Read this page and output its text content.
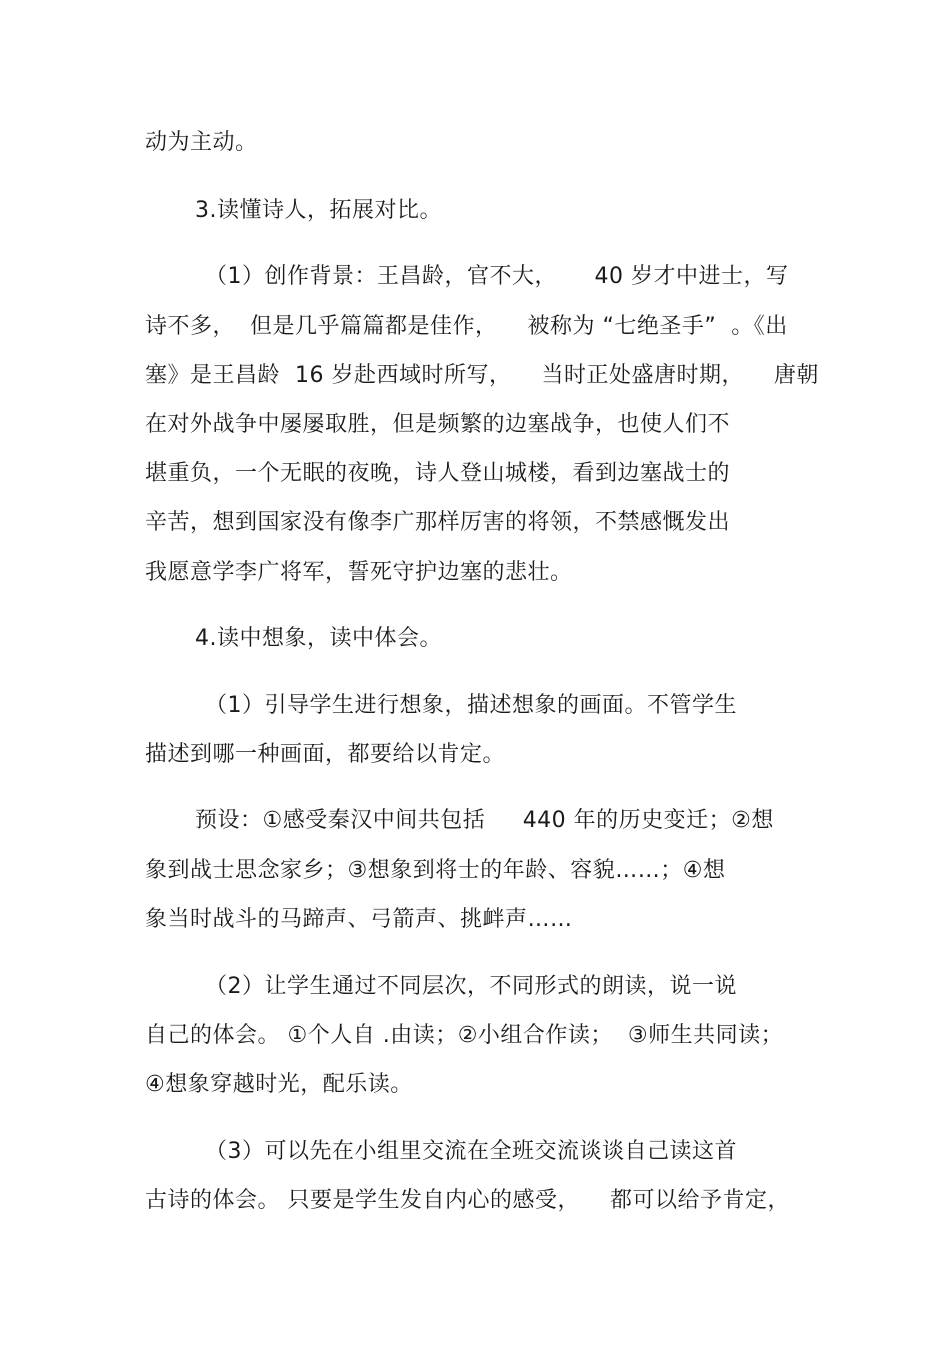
动为主动。
3.读懂诗人，拓展对比。
（1）创作背景：王昌龄，官不大，     40 岁才中进士，写
诗不多，  但是几乎篇篇都是佳作，    被称为 “七绝圣手”  。《出
塞》是王昌龄  16 岁赴西域时所写，    当时正处盛唐时期，    唐朝
在对外战争中屡屡取胜，但是频繁的边塞战争，也使人们不
堪重负，一个无眠的夜晚，诗人登山城楼，看到边塞战士的
辛苦，想到国家没有像李广那样厉害的将领，不禁感慨发出
我愿意学李广将军，誓死守护边塞的悲壮。
4.读中想象，读中体会。
（1）引导学生进行想象，描述想象的画面。不管学生
描述到哪一种画面，都要给以肯定。
预设：①感受秦汉中间共包括     440 年的历史变迁；②想
象到战士思念家乡；③想象到将士的年龄、容貌……；④想
象当时战斗的马蹄声、弓箭声、挑衅声……
（2）让学生通过不同层次，不同形式的朗读，说一说
自己的体会。 ①个人自 .由读；②小组合作读；  ③师生共同读；
④想象穿越时光，配乐读。
（3）可以先在小组里交流在全班交流谈谈自己读这首
古诗的体会。 只要是学生发自内心的感受，    都可以给予肯定，
